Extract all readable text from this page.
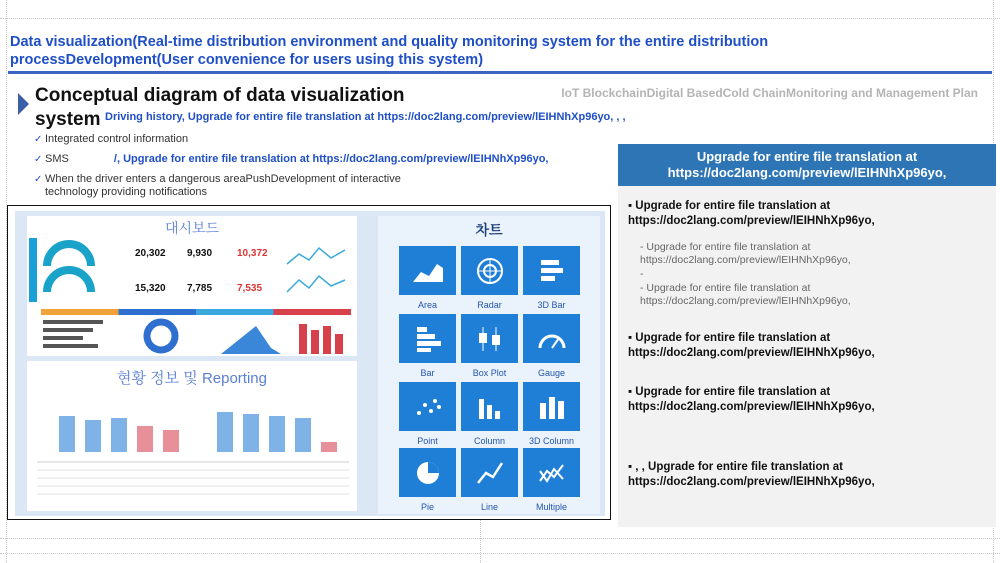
Data visualization(Real-time distribution environment and quality monitoring system for the entire distribution processDevelopment(User convenience for users using this system)
Conceptual diagram of data visualization system Driving history, Upgrade for entire file translation at https://doc2lang.com/preview/lEIHNhXp96yo, , ,
IoT BlockchainDigital BasedCold ChainMonitoring and Management Plan
✓ Integrated control information
✓ SMS	/, Upgrade for entire file translation at https://doc2lang.com/preview/lEIHNhXp96yo,
✓ When the driver enters a dangerous areaPushDevelopment of interactive technology providing notifications
대시보드
20,302 9,930 10,372
15,320 7,785 7,535
현황 정보 및 Reporting
차트
Area	Radar	3D Bar
Bar	Box Plot	Gauge
Point	Column	3D Column
Pie	Line	Multiple
Upgrade for entire file translation at https://doc2lang.com/preview/lEIHNhXp96yo,
▪ Upgrade for entire file translation at https://doc2lang.com/preview/lEIHNhXp96yo,
- Upgrade for entire file translation at https://doc2lang.com/preview/lEIHNhXp96yo,
-
- Upgrade for entire file translation at https://doc2lang.com/preview/lEIHNhXp96yo,
▪ Upgrade for entire file translation at https://doc2lang.com/preview/lEIHNhXp96yo,
▪ Upgrade for entire file translation at https://doc2lang.com/preview/lEIHNhXp96yo,
▪ , , Upgrade for entire file translation at https://doc2lang.com/preview/lEIHNhXp96yo,
